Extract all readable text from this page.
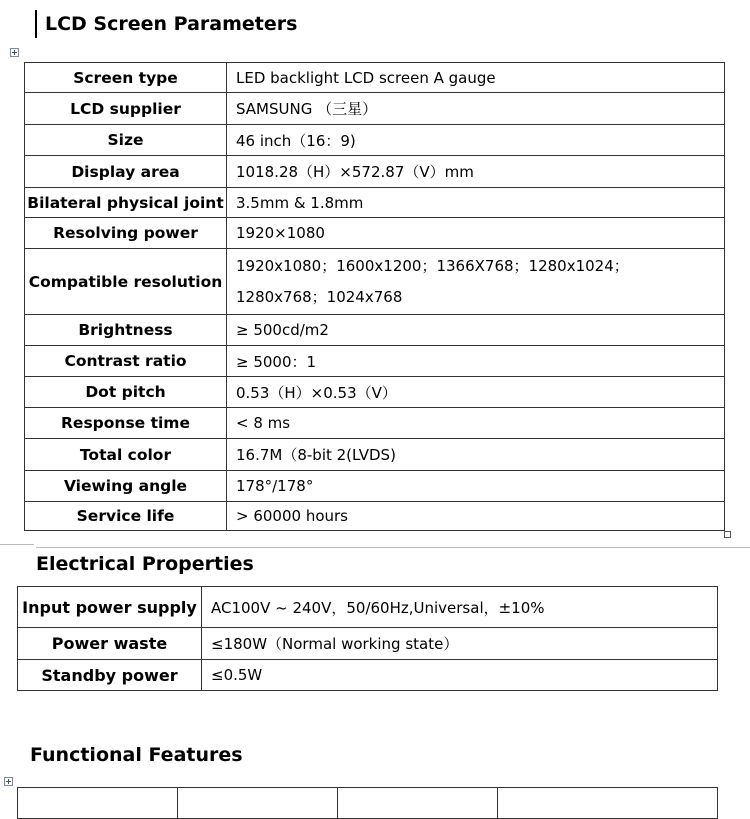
LCD Screen Parameters
Screen type	LED backlight LCD screen A gauge
LCD supplier	SAMSUNG （三星）
Size	46 inch（16：9)
Display area	1018.28（H）×572.87（V）mm
Bilateral physical joint	3.5mm & 1.8mm
Resolving power	1920×1080
Compatible resolution	1920x1080；1600x1200；1366X768；1280x1024；
1280x768；1024x768
Brightness	≥ 500cd/m2
Contrast ratio	≥ 5000：1
Dot pitch	0.53（H）×0.53（V）
Response time	< 8 ms
Total color	16.7M（8-bit 2(LVDS)
Viewing angle	178°/178°
Service life	> 60000 hours
Electrical Properties
Input power supply	AC100V ~ 240V，50/60Hz,Universal，±10%
Power waste	≤180W（Normal working state）
Standby power	≤0.5W
Functional Features
